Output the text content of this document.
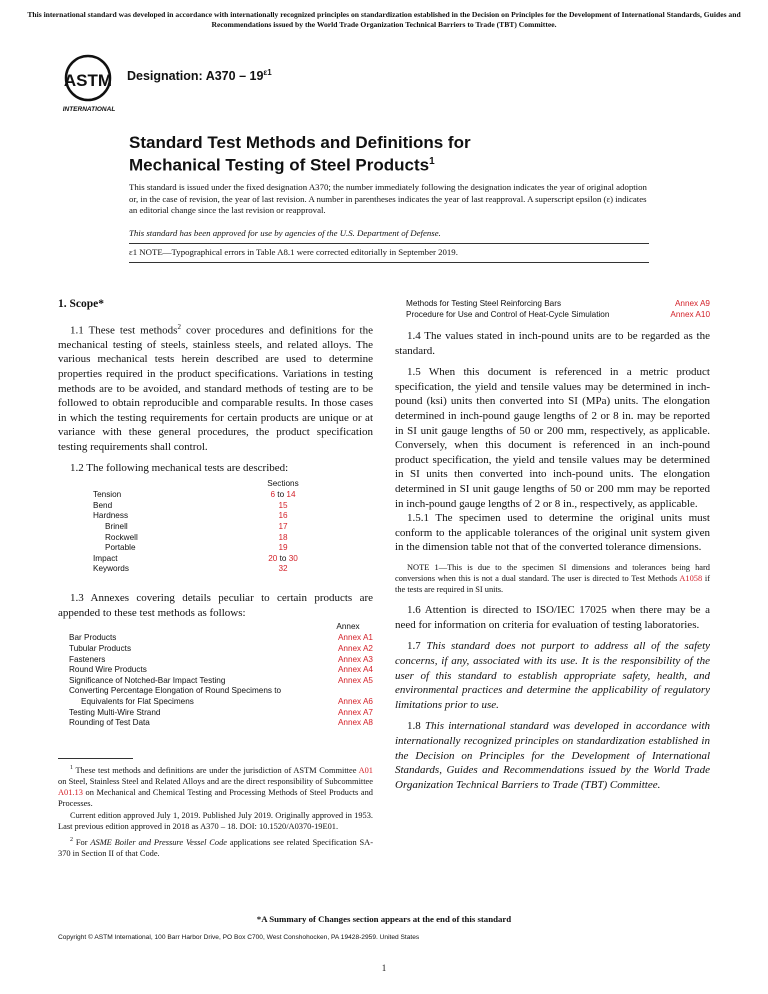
This international standard was developed in accordance with internationally recognized principles on standardization established in the Decision on Principles for the Development of International Standards, Guides and Recommendations issued by the World Trade Organization Technical Barriers to Trade (TBT) Committee.
ASTM
INTERNATIONAL
Designation: $A370 - 19^{\varepsilon 1}$
Standard Test Methods and Definitions for
Mechanical Testing of Steel Products$^1$
This standard is issued under the fixed designation A370; the number immediately following the designation indicates the year of original adoption or, in the case of revision, the year of last revision. A number in parentheses indicates the year of last reapproval. A superscript epsilon (ε) indicates an editorial change since the last revision or reapproval.
This standard has been approved for use by agencies of the U.S. Department of Defense.
ε1 NOTE—Typographical errors in Table A8.1 were corrected editorially in September 2019.
1. Scope*

1.1 These test methods$^2$ cover procedures and definitions for the mechanical testing of steels, stainless steels, and related alloys. The various mechanical tests herein described are used to determine properties required in the product specifications. Variations in testing methods are to be avoided, and standard methods of testing are to be followed to obtain reproducible and comparable results. In those cases in which the testing requirements for certain products are unique or at variance with these general procedures, the product specification testing requirements shall control.

1.2 The following mechanical tests are described:

Sections
Tension	6 to 14
Bend	15
Hardness	16
Brinell	17
Rockwell	18
Portable	19
Impact	20 to 30
Keywords	32

1.3 Annexes covering details peculiar to certain products are appended to these test methods as follows:

Annex
Bar Products	Annex A1
Tubular Products	Annex A2
Fasteners	Annex A3
Round Wire Products	Annex A4
Significance of Notched-Bar Impact Testing	Annex A5
Converting Percentage Elongation of Round Specimens to
Equivalents for Flat Specimens	Annex A6
Testing Multi-Wire Strand	Annex A7
Rounding of Test Data	Annex A8
$^1$ These test methods and definitions are under the jurisdiction of ASTM Committee A01 on Steel, Stainless Steel and Related Alloys and are the direct responsibility of Subcommittee A01.13 on Mechanical and Chemical Testing and Processing Methods of Steel Products and Processes.
Current edition approved July 1, 2019. Published July 2019. Originally approved in 1953. Last previous edition approved in 2018 as A370 – 18. DOI: 10.1520/A0370-19E01.
$^2$ For ASME Boiler and Pressure Vessel Code applications see related Specification SA-370 in Section II of that Code.
Methods for Testing Steel Reinforcing Bars	Annex A9
Procedure for Use and Control of Heat-Cycle Simulation	Annex A10

1.4 The values stated in inch-pound units are to be regarded as the standard.

1.5 When this document is referenced in a metric product specification, the yield and tensile values may be determined in inch-pound (ksi) units then converted into SI (MPa) units. The elongation determined in inch-pound gauge lengths of 2 or 8 in. may be reported in SI unit gauge lengths of 50 or 200 mm, respectively, as applicable. Conversely, when this document is referenced in an inch-pound product specification, the yield and tensile values may be determined in SI units then converted into inch-pound units. The elongation determined in SI unit gauge lengths of 50 or 200 mm may be reported in inch-pound gauge lengths of 2 or 8 in., respectively, as applicable.

1.5.1 The specimen used to determine the original units must conform to the applicable tolerances of the original unit system given in the dimension table not that of the converted tolerance dimensions.

NOTE 1—This is due to the specimen SI dimensions and tolerances being hard conversions when this is not a dual standard. The user is directed to Test Methods A1058 if the tests are required in SI units.

1.6 Attention is directed to ISO/IEC 17025 when there may be a need for information on criteria for evaluation of testing laboratories.

1.7 This standard does not purport to address all of the safety concerns, if any, associated with its use. It is the responsibility of the user of this standard to establish appropriate safety, health, and environmental practices and determine the applicability of regulatory limitations prior to use.

1.8 This international standard was developed in accordance with internationally recognized principles on standardization established in the Decision on Principles for the Development of International Standards, Guides and Recommendations issued by the World Trade Organization Technical Barriers to Trade (TBT) Committee.

*A Summary of Changes section appears at the end of this standard
Copyright © ASTM International, 100 Barr Harbor Drive, PO Box C700, West Conshohocken, PA 19428-2959. United States
1
